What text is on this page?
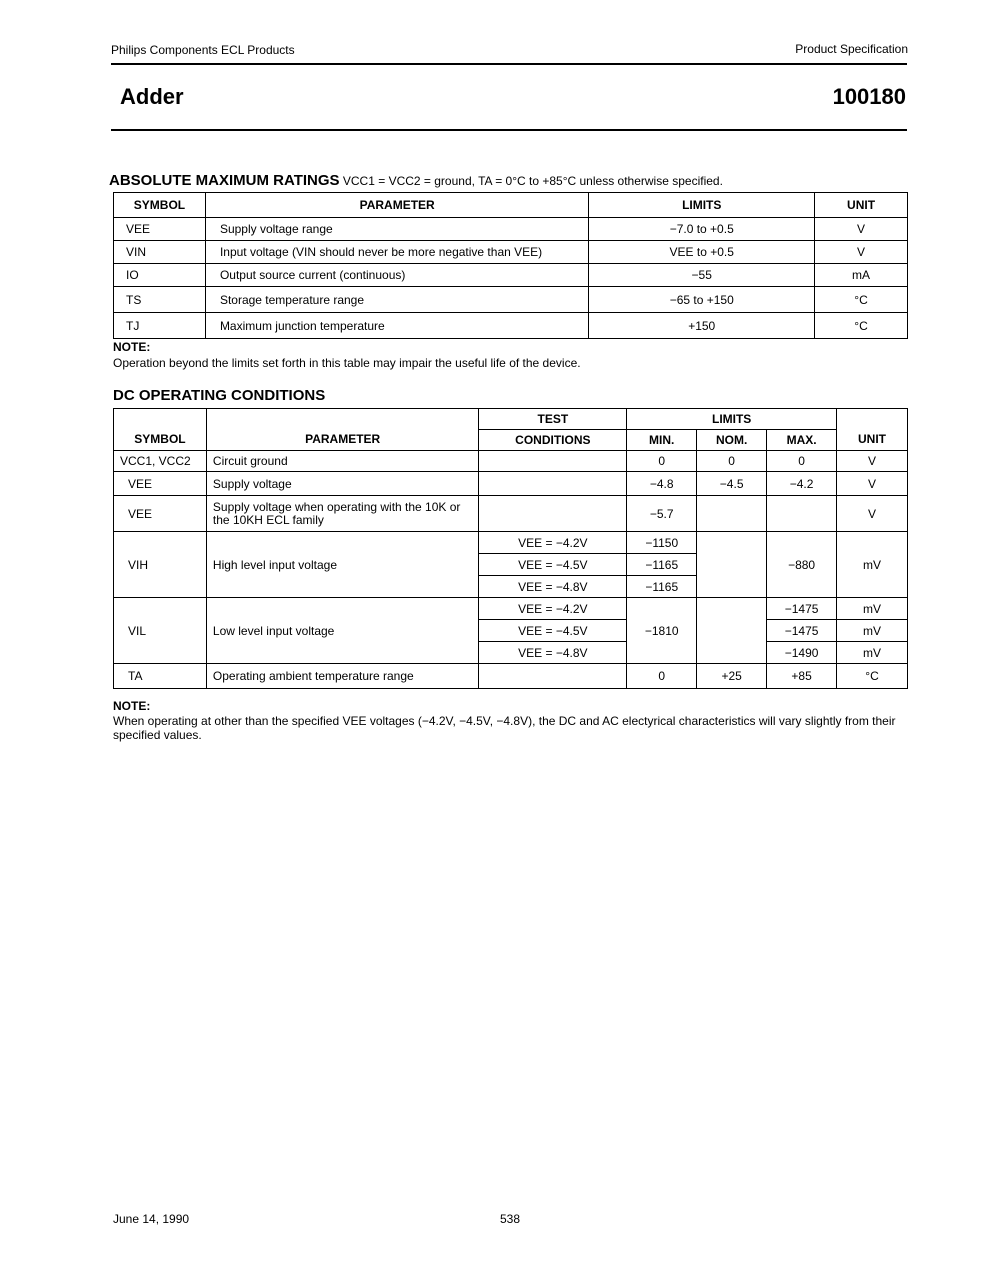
Philips Components ECL Products	Product Specification
Adder	100180
ABSOLUTE MAXIMUM RATINGS VCC1 = VCC2 = ground, TA = 0°C to +85°C unless otherwise specified.
SYMBOL	PARAMETER	LIMITS	UNIT
VEE	Supply voltage range	−7.0 to +0.5	V
VIN	Input voltage (VIN should never be more negative than VEE)	VEE to +0.5	V
IO	Output source current (continuous)	−55	mA
TS	Storage temperature range	−65 to +150	°C
TJ	Maximum junction temperature	+150	°C
NOTE:
Operation beyond the limits set forth in this table may impair the useful life of the device.
DC OPERATING CONDITIONS
SYMBOL	PARAMETER	TEST	LIMITS			UNIT
		CONDITIONS	MIN.	NOM.	MAX.	
VCC1, VCC2	Circuit ground		0	0	0	V
VEE	Supply voltage		−4.8	−4.5	−4.2	V
VEE	Supply voltage when operating with the 10K or the 10KH ECL family		−5.7			V
VIH	High level input voltage	VEE = −4.2V	−1150		−880	mV
		VEE = −4.5V	−1165			
		VEE = −4.8V	−1165			
VIL	Low level input voltage	VEE = −4.2V	−1810		−1475	mV
		VEE = −4.5V			−1475	mV
		VEE = −4.8V			−1490	mV
TA	Operating ambient temperature range		0	+25	+85	°C
NOTE:
When operating at other than the specified VEE voltages (−4.2V, −4.5V, −4.8V), the DC and AC electyrical characteristics will vary slightly from their specified values.
June 14, 1990	538
